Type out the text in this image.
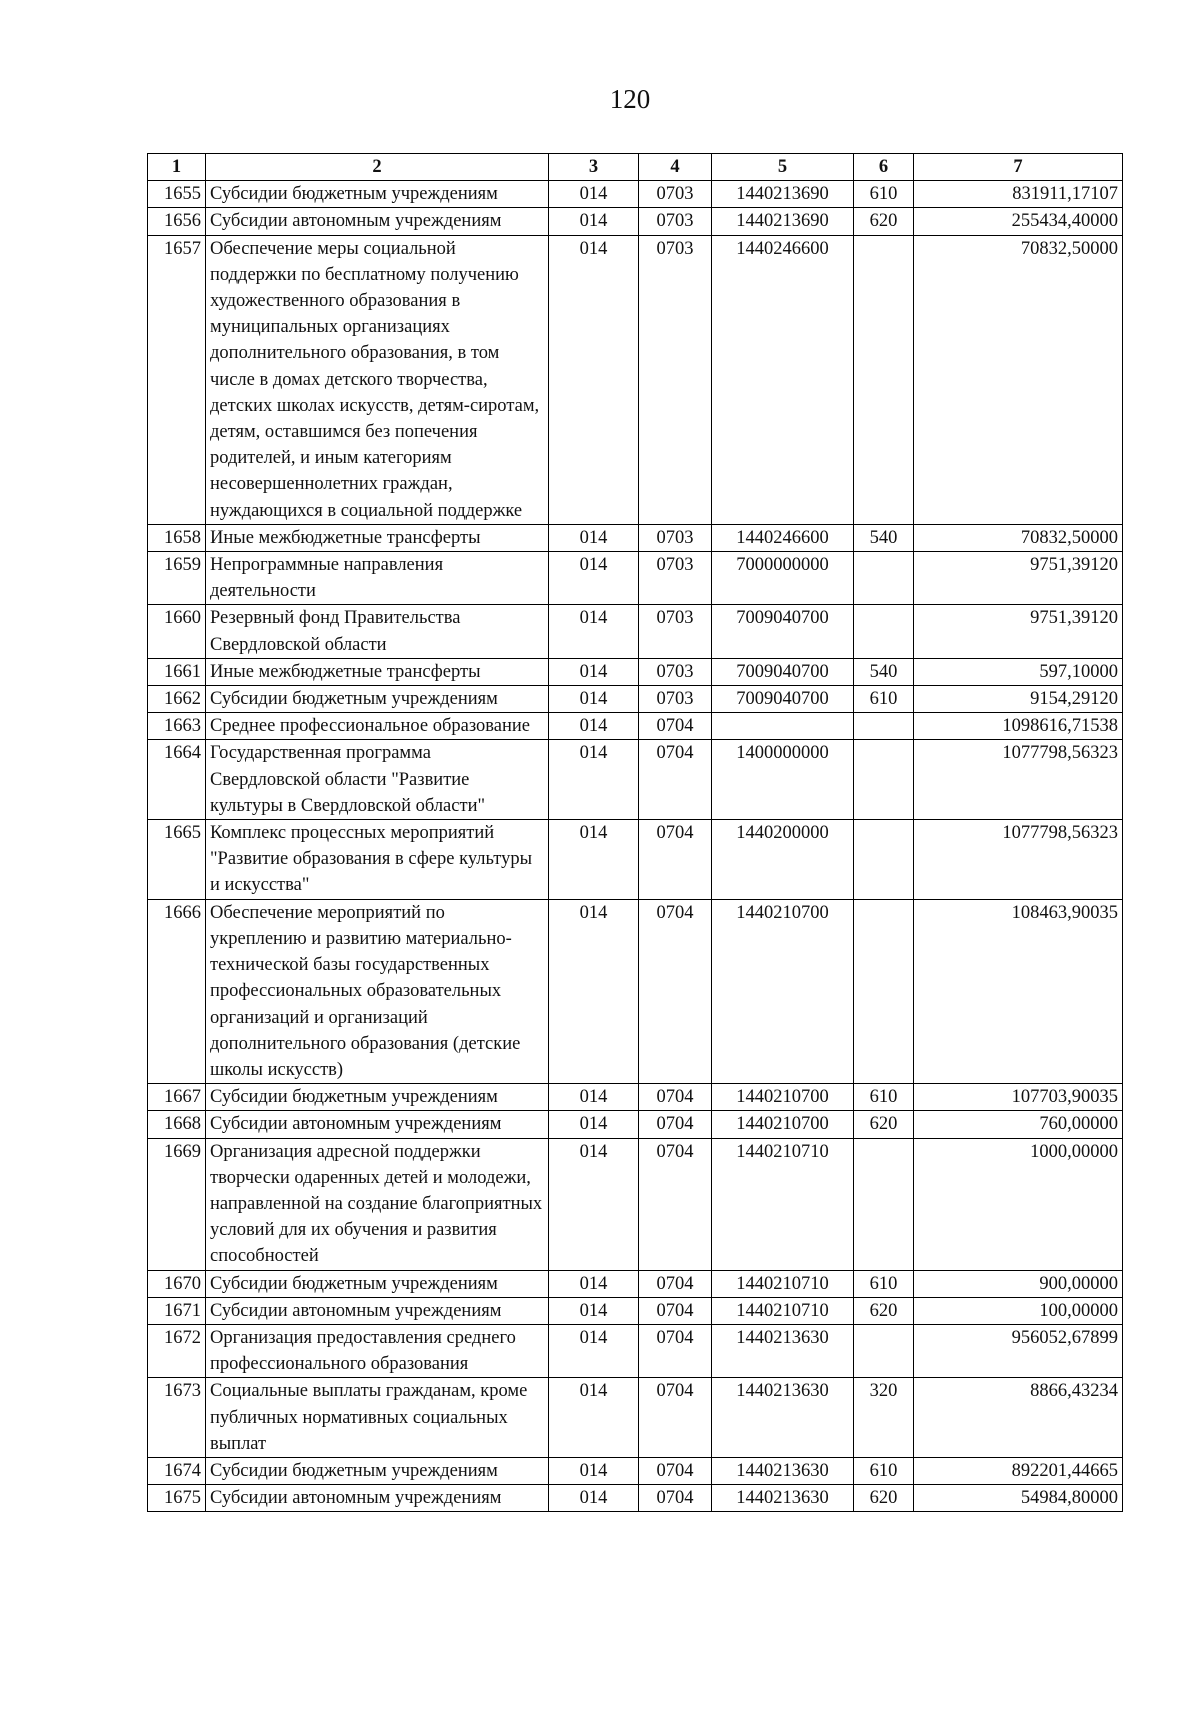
120
1	2	3	4	5	6	7
1655	Субсидии бюджетным учреждениям	014	0703	1440213690	610	831911,17107
1656	Субсидии автономным учреждениям	014	0703	1440213690	620	255434,40000
1657	Обеспечение меры социальной поддержки по бесплатному получению художественного образования в муниципальных организациях дополнительного образования, в том числе в домах детского творчества, детских школах искусств, детям-сиротам, детям, оставшимся без попечения родителей, и иным категориям несовершеннолетних граждан, нуждающихся в социальной поддержке	014	0703	1440246600		70832,50000
1658	Иные межбюджетные трансферты	014	0703	1440246600	540	70832,50000
1659	Непрограммные направления деятельности	014	0703	7000000000		9751,39120
1660	Резервный фонд Правительства Свердловской области	014	0703	7009040700		9751,39120
1661	Иные межбюджетные трансферты	014	0703	7009040700	540	597,10000
1662	Субсидии бюджетным учреждениям	014	0703	7009040700	610	9154,29120
1663	Среднее профессиональное образование	014	0704			1098616,71538
1664	Государственная программа Свердловской области "Развитие культуры в Свердловской области"	014	0704	1400000000		1077798,56323
1665	Комплекс процессных мероприятий "Развитие образования в сфере культуры и искусства"	014	0704	1440200000		1077798,56323
1666	Обеспечение мероприятий по укреплению и развитию материально-технической базы государственных профессиональных образовательных организаций и организаций дополнительного образования (детские школы искусств)	014	0704	1440210700		108463,90035
1667	Субсидии бюджетным учреждениям	014	0704	1440210700	610	107703,90035
1668	Субсидии автономным учреждениям	014	0704	1440210700	620	760,00000
1669	Организация адресной поддержки творчески одаренных детей и молодежи, направленной на создание благоприятных условий для их обучения и развития способностей	014	0704	1440210710		1000,00000
1670	Субсидии бюджетным учреждениям	014	0704	1440210710	610	900,00000
1671	Субсидии автономным учреждениям	014	0704	1440210710	620	100,00000
1672	Организация предоставления среднего профессионального образования	014	0704	1440213630		956052,67899
1673	Социальные выплаты гражданам, кроме публичных нормативных социальных выплат	014	0704	1440213630	320	8866,43234
1674	Субсидии бюджетным учреждениям	014	0704	1440213630	610	892201,44665
1675	Субсидии автономным учреждениям	014	0704	1440213630	620	54984,80000
